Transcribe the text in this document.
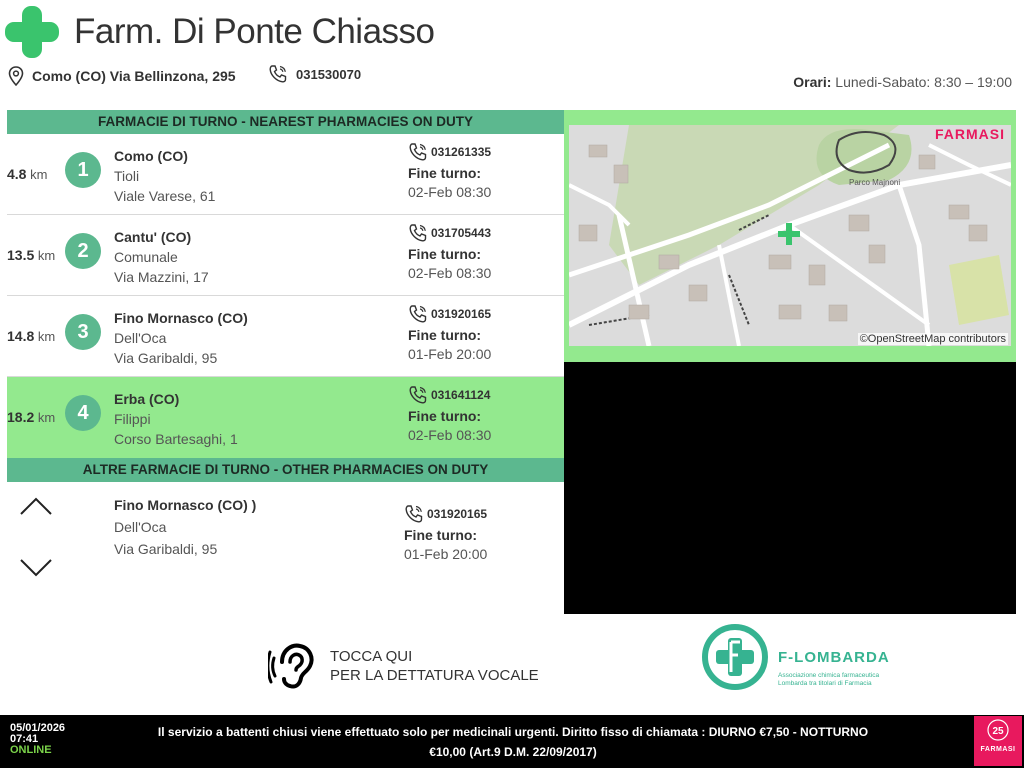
Farm. Di Ponte Chiasso
Como (CO) Via Bellinzona, 295	031530070	Orari: Lunedi-Sabato: 8:30 – 19:00
FARMACIE DI TURNO - NEAREST PHARMACIES ON DUTY
4.8 km	1
Como (CO)
Tioli
Viale Varese, 61
031261335
Fine turno:
02-Feb 08:30
13.5 km	2
Cantu' (CO)
Comunale
Via Mazzini, 17
031705443
Fine turno:
02-Feb 08:30
14.8 km	3
Fino Mornasco (CO)
Dell'Oca
Via Garibaldi, 95
031920165
Fine turno:
01-Feb 20:00
18.2 km	4
Erba (CO)
Filippi
Corso Bartesaghi, 1
031641124
Fine turno:
02-Feb 08:30
ALTRE FARMACIE DI TURNO - OTHER PHARMACIES ON DUTY
Fino Mornasco (CO) )
Dell'Oca
Via Garibaldi, 95
031920165
Fine turno:
01-Feb 20:00
Parco Majnoni
FARMASI
©OpenStreetMap contributors
TOCCA QUI
PER LA DETTATURA VOCALE
F-LOMBARDA
Associazione chimica farmaceutica
Lombarda tra titolari di Farmacia
05/01/2026
07:41
ONLINE
Il servizio a battenti chiusi viene effettuato solo per medicinali urgenti. Diritto fisso di chiamata : DIURNO €7,50 - NOTTURNO
€10,00 (Art.9 D.M. 22/09/2017)
25
FARMASI
